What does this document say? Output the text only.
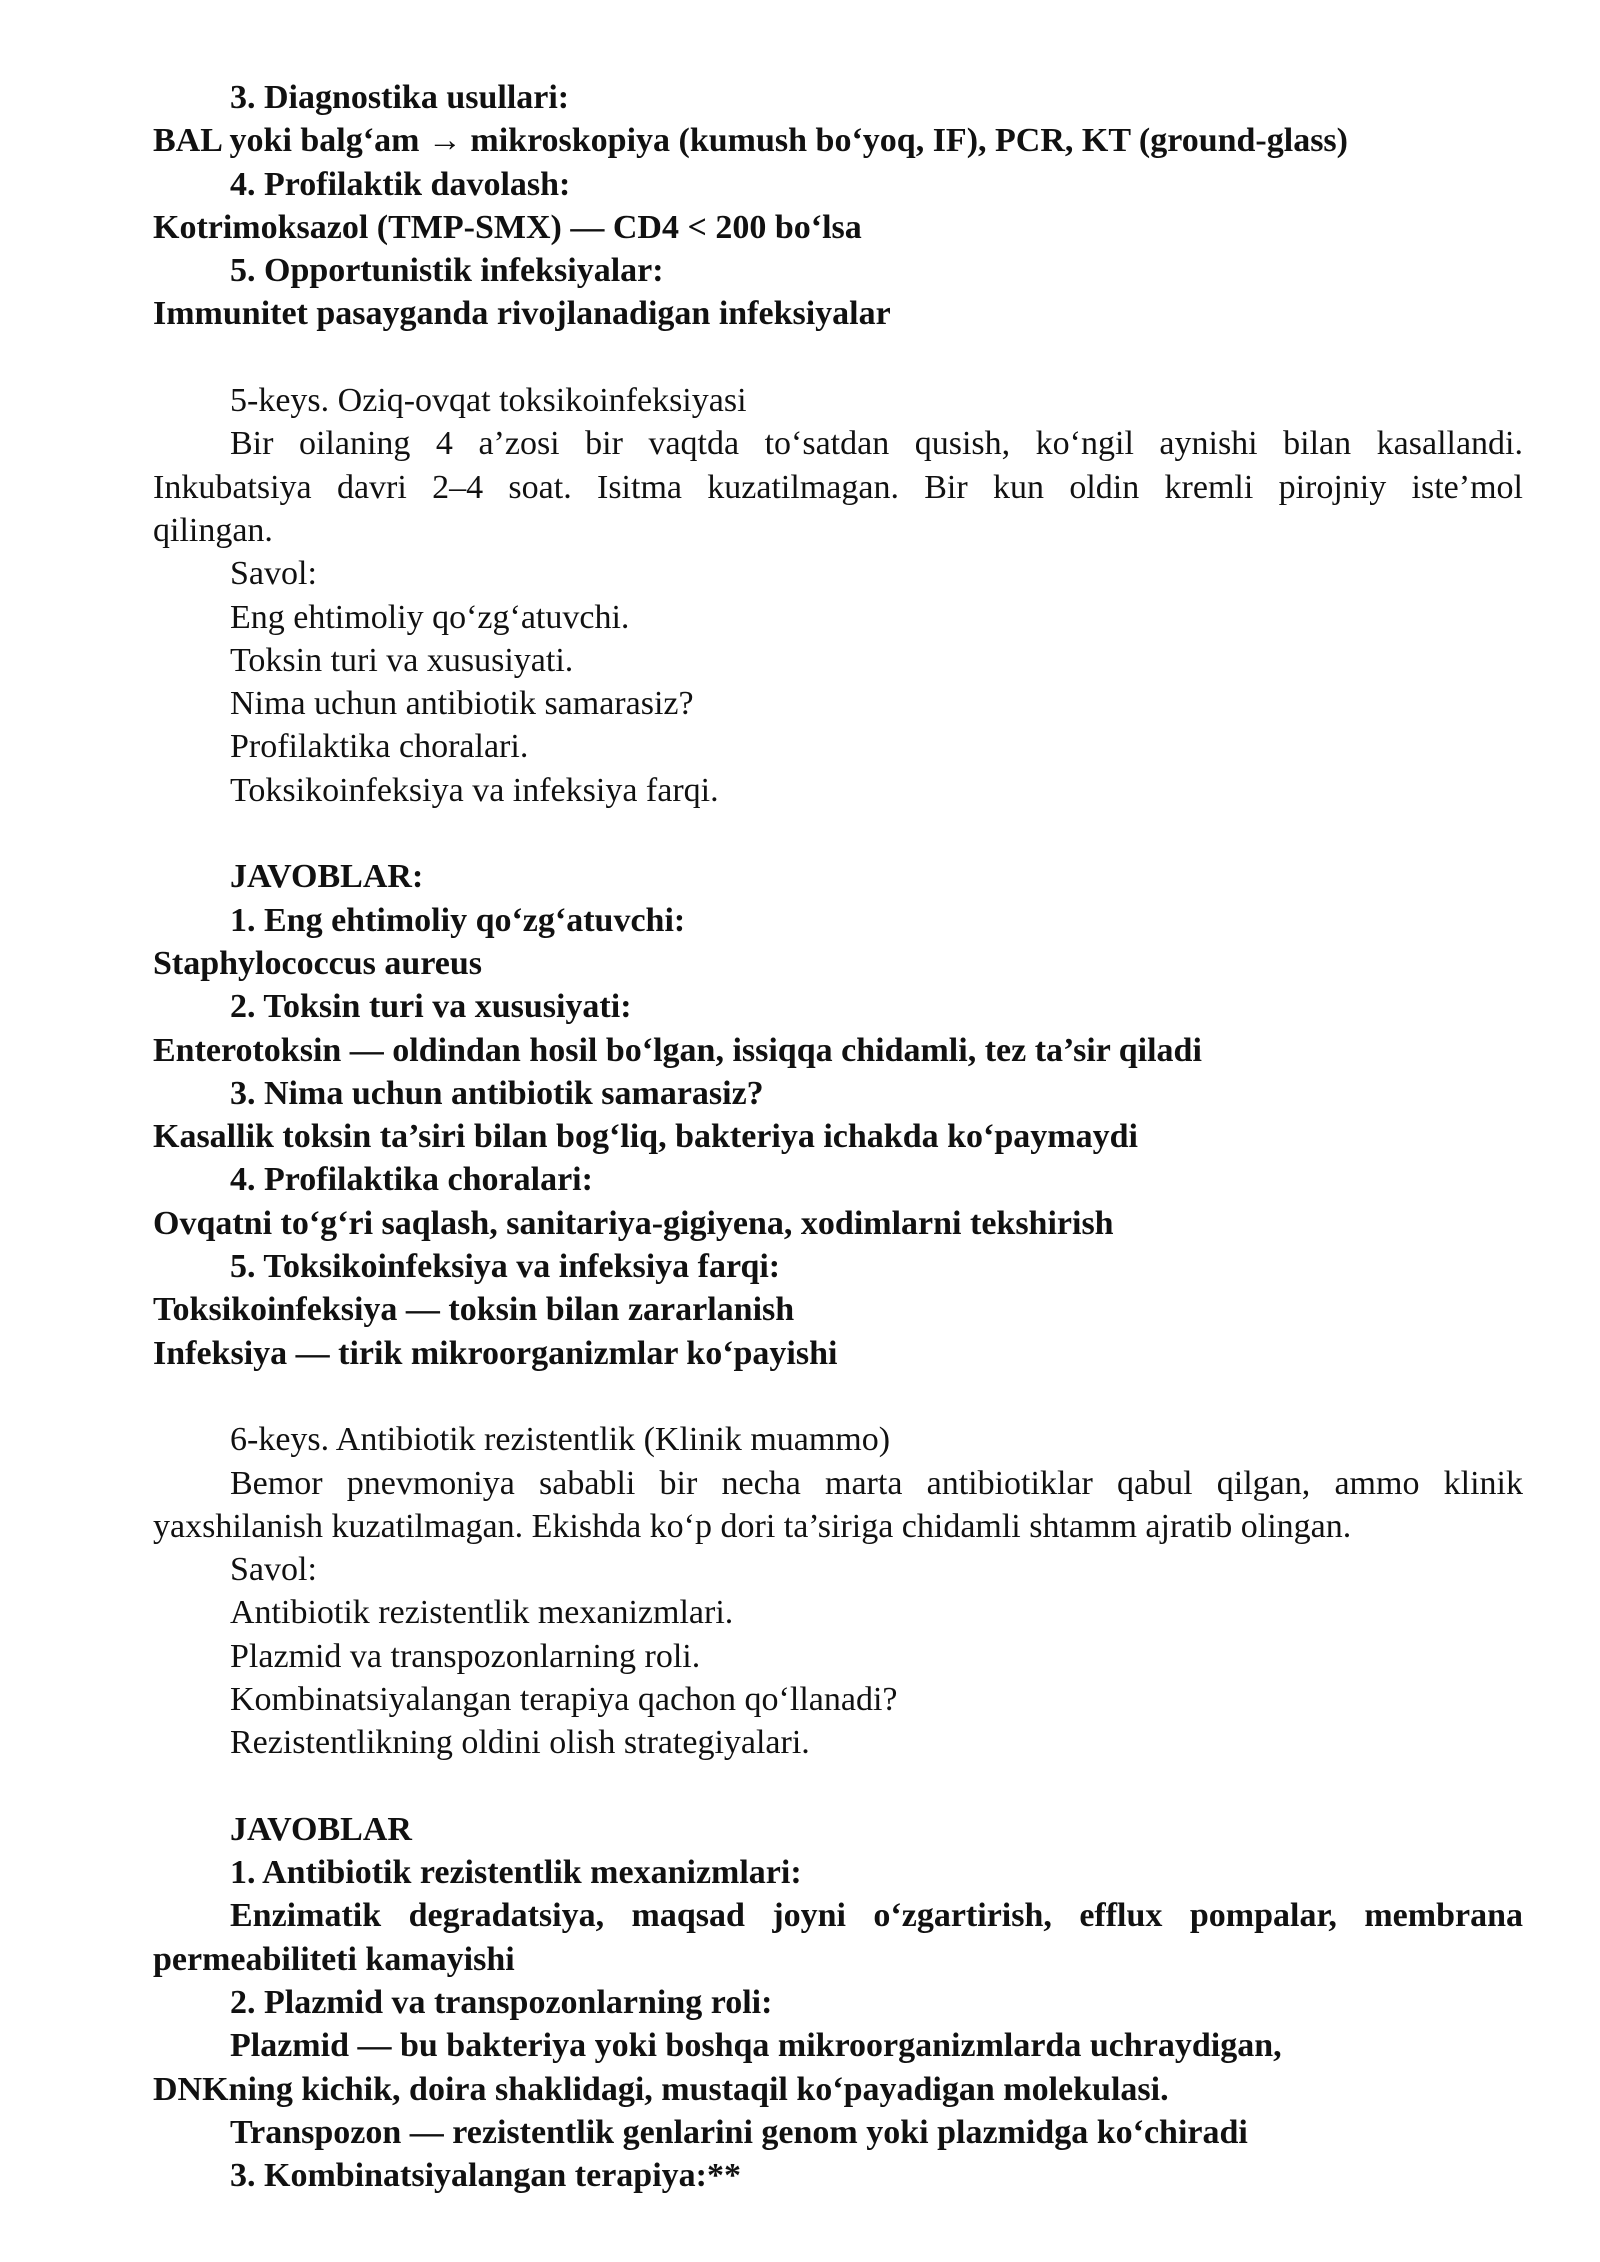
3. Diagnostika usullari:

BAL yoki balg‘am → mikroskopiya (kumush bo‘yoq, IF), PCR, KT (ground-glass)

4. Profilaktik davolash:

Kotrimoksazol (TMP-SMX) — CD4 < 200 bo‘lsa

5. Opportunistik infeksiyalar:

Immunitet pasayganda rivojlanadigan infeksiyalar

5-keys. Oziq-ovqat toksikoinfeksiyasi

Bir oilaning 4 a’zosi bir vaqtda to‘satdan qusish, ko‘ngil aynishi bilan kasallandi.

Inkubatsiya davri 2–4 soat. Isitma kuzatilmagan. Bir kun oldin kremli pirojniy iste’mol

qilingan.

Savol:

Eng ehtimoliy qo‘zg‘atuvchi.

Toksin turi va xususiyati.

Nima uchun antibiotik samarasiz?

Profilaktika choralari.

Toksikoinfeksiya va infeksiya farqi.

JAVOBLAR:

1. Eng ehtimoliy qo‘zg‘atuvchi:

Staphylococcus aureus

2. Toksin turi va xususiyati:

Enterotoksin — oldindan hosil bo‘lgan, issiqqa chidamli, tez ta’sir qiladi

3. Nima uchun antibiotik samarasiz?

Kasallik toksin ta’siri bilan bog‘liq, bakteriya ichakda ko‘paymaydi

4. Profilaktika choralari:

Ovqatni to‘g‘ri saqlash, sanitariya-gigiyena, xodimlarni tekshirish

5. Toksikoinfeksiya va infeksiya farqi:

Toksikoinfeksiya — toksin bilan zararlanish

Infeksiya — tirik mikroorganizmlar ko‘payishi

6-keys. Antibiotik rezistentlik (Klinik muammo)

Bemor pnevmoniya sababli bir necha marta antibiotiklar qabul qilgan, ammo klinik

yaxshilanish kuzatilmagan. Ekishda ko‘p dori ta’siriga chidamli shtamm ajratib olingan.

Savol:

Antibiotik rezistentlik mexanizmlari.

Plazmid va transpozonlarning roli.

Kombinatsiyalangan terapiya qachon qo‘llanadi?

Rezistentlikning oldini olish strategiyalari.

JAVOBLAR

1. Antibiotik rezistentlik mexanizmlari:

Enzimatik degradatsiya, maqsad joyni o‘zgartirish, efflux pompalar, membrana

permeabiliteti kamayishi

2. Plazmid va transpozonlarning roli:

Plazmid — bu bakteriya yoki boshqa mikroorganizmlarda uchraydigan,

DNKning kichik, doira shaklidagi, mustaqil ko‘payadigan molekulasi.

Transpozon — rezistentlik genlarini genom yoki plazmidga ko‘chiradi

3. Kombinatsiyalangan terapiya:**
